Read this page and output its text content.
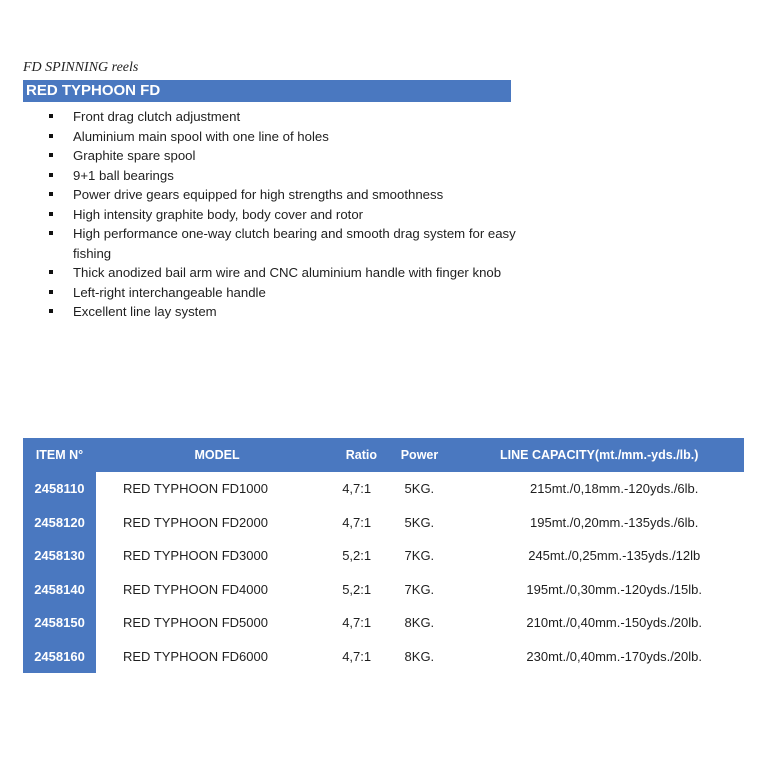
FD SPINNING reels
RED TYPHOON FD
Front drag clutch adjustment
Aluminium main spool with one line of holes
Graphite spare spool
9+1 ball bearings
Power drive gears equipped for high strengths and smoothness
High intensity graphite body, body cover and rotor
High performance one-way clutch bearing and smooth drag system for easy fishing
Thick anodized bail arm wire and CNC aluminium handle with finger knob
Left-right interchangeable handle
Excellent line lay system
ITEM N°	MODEL	Ratio	Power	LINE CAPACITY(mt./mm.-yds./lb.)
2458110	RED TYPHOON FD1000	4,7:1	5KG.	215mt./0,18mm.-120yds./6lb.
2458120	RED TYPHOON FD2000	4,7:1	5KG.	195mt./0,20mm.-135yds./6lb.
2458130	RED TYPHOON FD3000	5,2:1	7KG.	245mt./0,25mm.-135yds./12lb
2458140	RED TYPHOON FD4000	5,2:1	7KG.	195mt./0,30mm.-120yds./15lb.
2458150	RED TYPHOON FD5000	4,7:1	8KG.	210mt./0,40mm.-150yds./20lb.
2458160	RED TYPHOON FD6000	4,7:1	8KG.	230mt./0,40mm.-170yds./20lb.
